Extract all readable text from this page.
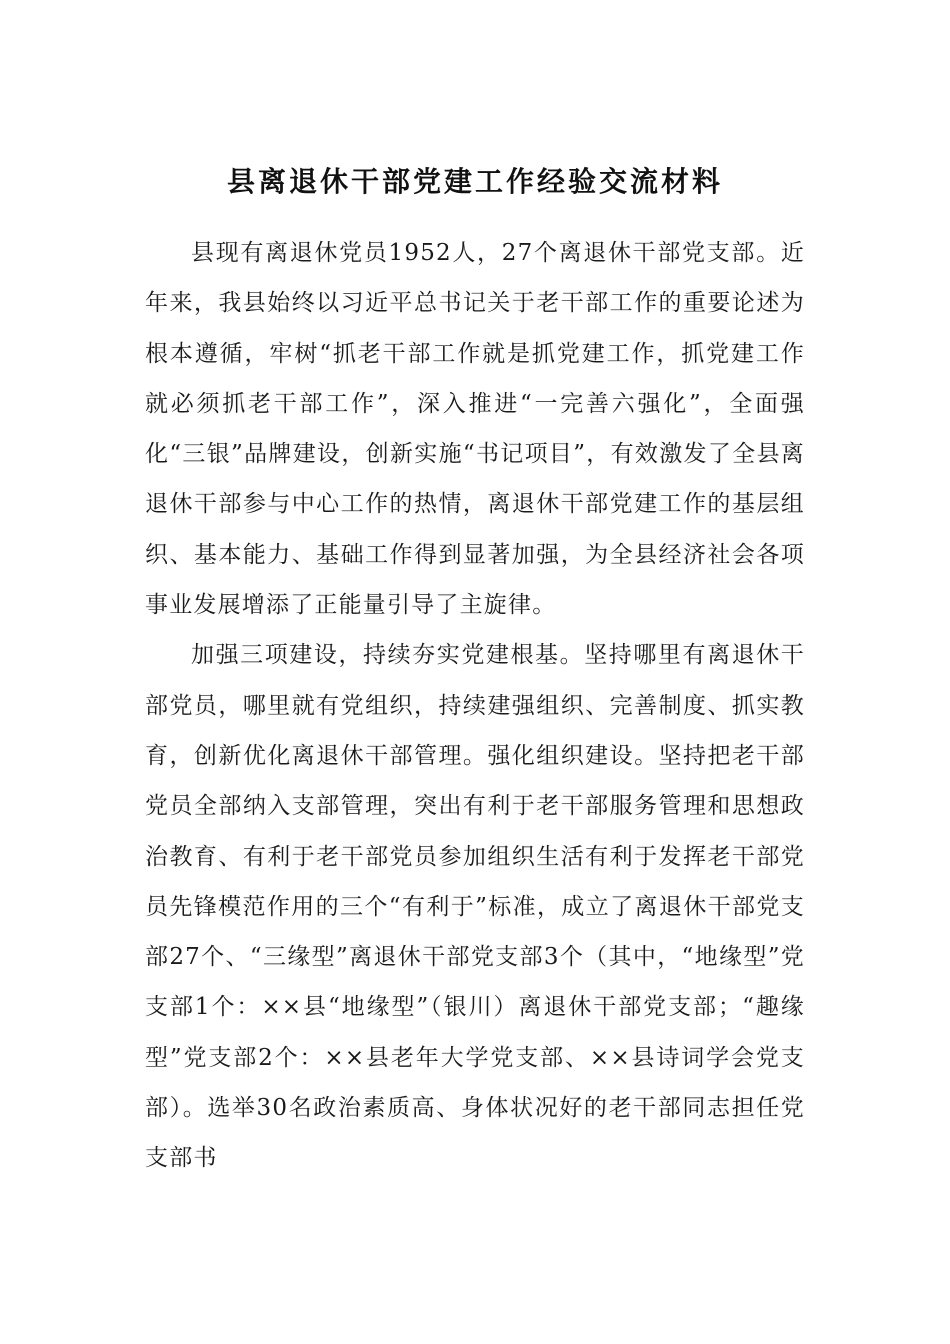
县离退休干部党建工作经验交流材料

县现有离退休党员1952人，27个离退休干部党支部。近年来，我县始终以习近平总书记关于老干部工作的重要论述为根本遵循，牢树“抓老干部工作就是抓党建工作，抓党建工作就必须抓老干部工作”，深入推进“一完善六强化”，全面强化“三银”品牌建设，创新实施“书记项目”，有效激发了全县离退休干部参与中心工作的热情，离退休干部党建工作的基层组织、基本能力、基础工作得到显著加强，为全县经济社会各项事业发展增添了正能量引导了主旋律。

加强三项建设，持续夯实党建根基。坚持哪里有离退休干部党员，哪里就有党组织，持续建强组织、完善制度、抓实教育，创新优化离退休干部管理。强化组织建设。坚持把老干部党员全部纳入支部管理，突出有利于老干部服务管理和思想政治教育、有利于老干部党员参加组织生活有利于发挥老干部党员先锋模范作用的三个“有利于”标准，成立了离退休干部党支部27个、“三缘型”离退休干部党支部3个（其中，“地缘型”党支部1个：××县“地缘型”（银川）离退休干部党支部；“趣缘型”党支部2个：××县老年大学党支部、××县诗词学会党支部）。选举30名政治素质高、身体状况好的老干部同志担任党支部书
